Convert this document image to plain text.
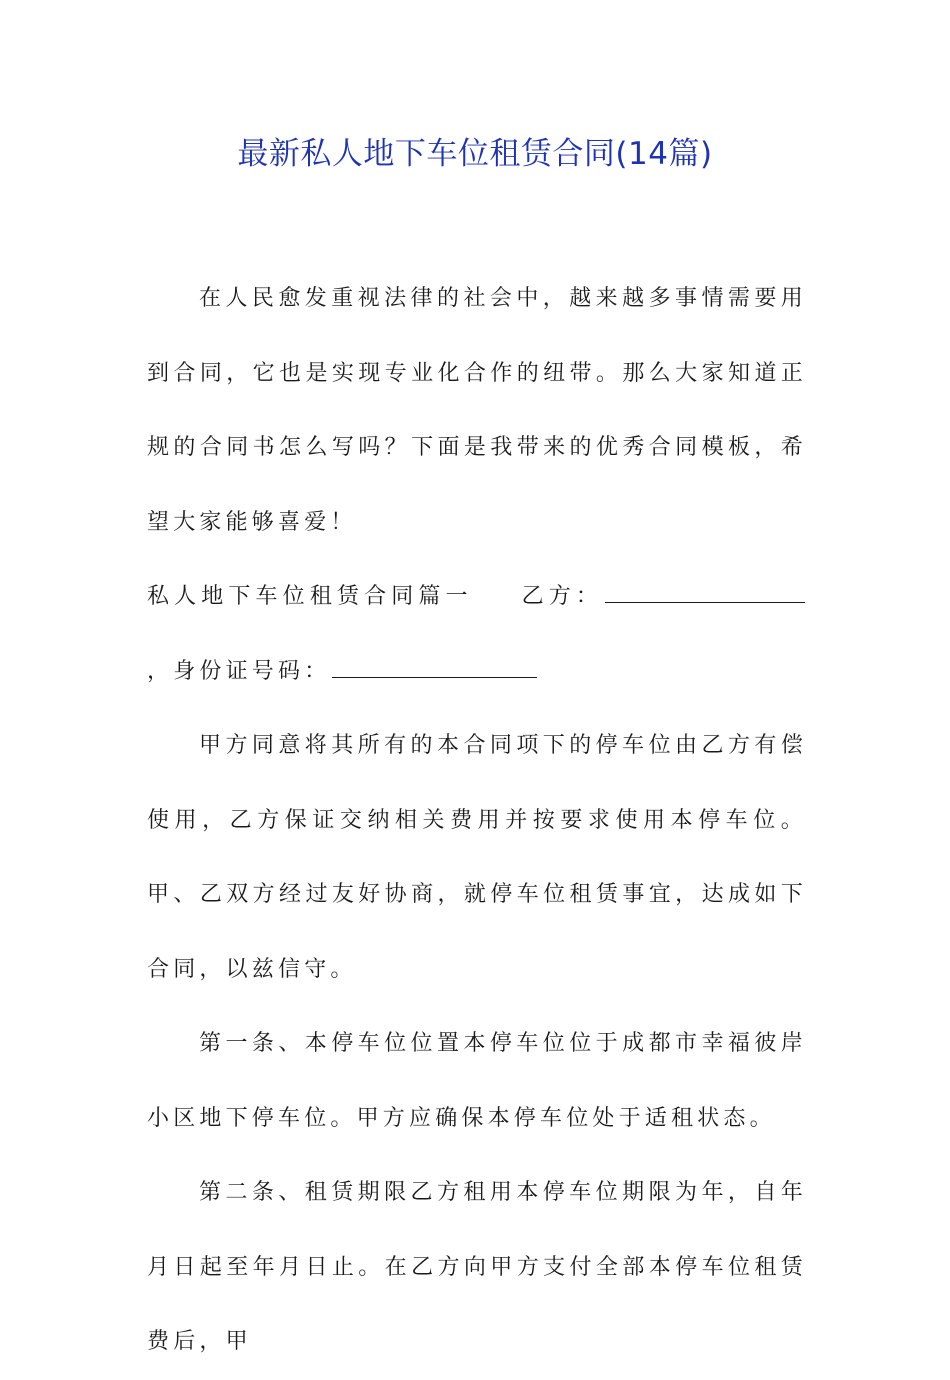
最新私人地下车位租赁合同(14篇)

在人民愈发重视法律的社会中，越来越多事情需要用到合同，它也是实现专业化合作的纽带。那么大家知道正规的合同书怎么写吗？下面是我带来的优秀合同模板，希望大家能够喜爱！

私人地下车位租赁合同篇一 乙方：，身份证号码：

甲方同意将其所有的本合同项下的停车位由乙方有偿使用，乙方保证交纳相关费用并按要求使用本停车位。甲、乙双方经过友好协商，就停车位租赁事宜，达成如下合同，以兹信守。

第一条、本停车位位置本停车位位于成都市幸福彼岸小区地下停车位。甲方应确保本停车位处于适租状态。

第二条、租赁期限乙方租用本停车位期限为年，自年月日起至年月日止。在乙方向甲方支付全部本停车位租赁费后，甲
